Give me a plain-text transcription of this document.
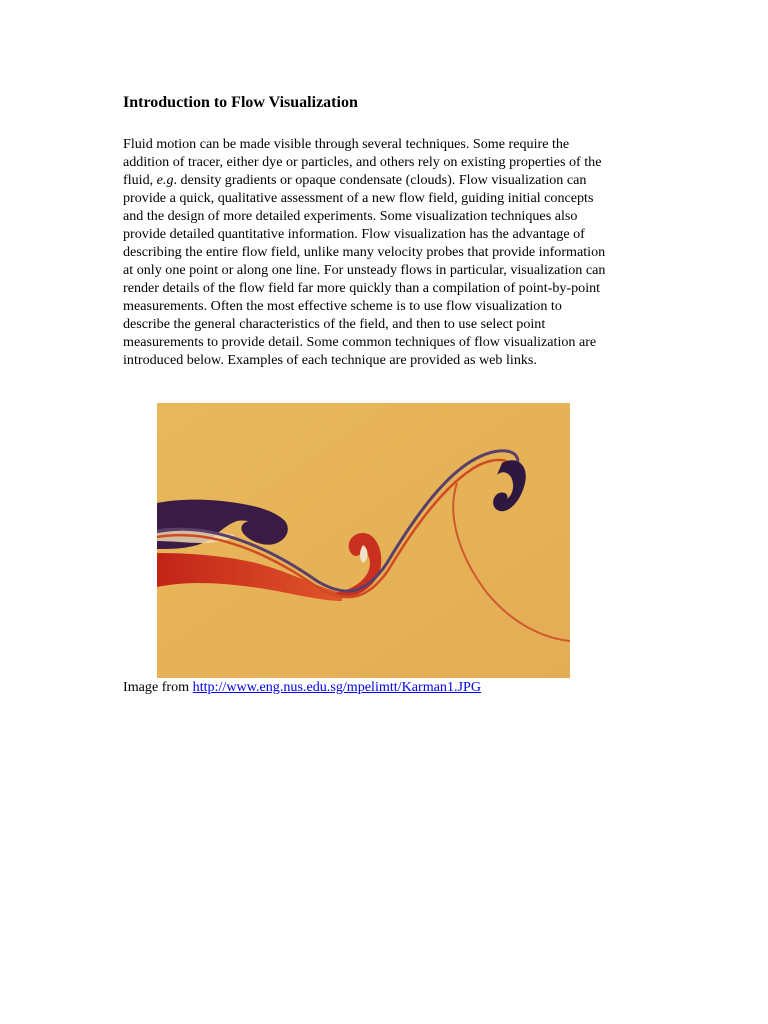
Introduction to Flow Visualization
Fluid motion can be made visible through several techniques. Some require the
addition of tracer, either dye or particles, and others rely on existing properties of the
fluid, e.g. density gradients or opaque condensate (clouds). Flow visualization can
provide a quick, qualitative assessment of a new flow field, guiding initial concepts
and the design of more detailed experiments. Some visualization techniques also
provide detailed quantitative information. Flow visualization has the advantage of
describing the entire flow field, unlike many velocity probes that provide information
at only one point or along one line. For unsteady flows in particular, visualization can
render details of the flow field far more quickly than a compilation of point-by-point
measurements. Often the most effective scheme is to use flow visualization to
describe the general characteristics of the field, and then to use select point
measurements to provide detail. Some common techniques of flow visualization are
introduced below. Examples of each technique are provided as web links.
Image from http://www.eng.nus.edu.sg/mpelimtt/Karman1.JPG
